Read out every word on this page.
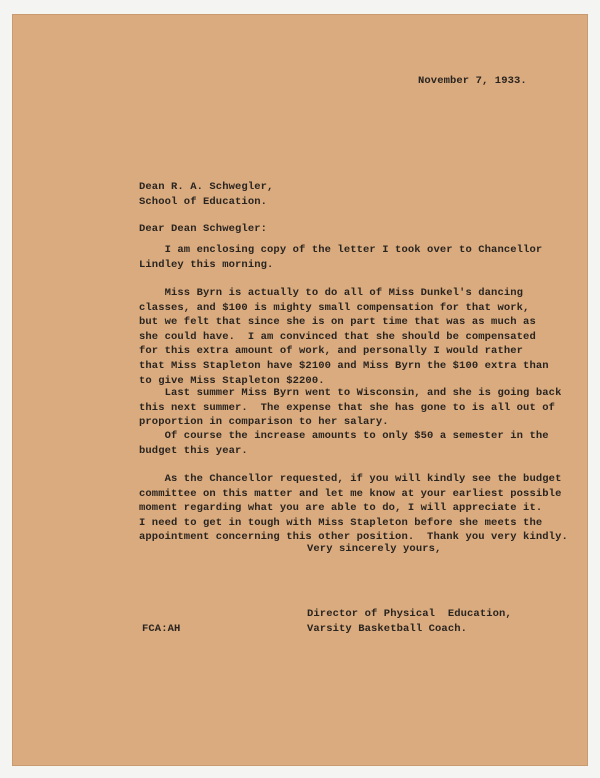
November 7, 1933.

Dean R. A. Schwegler,
School of Education.

Dear Dean Schwegler:

I am enclosing copy of the letter I took over to Chancellor
Lindley this morning.
Miss Byrn is actually to do all of Miss Dunkel's dancing
classes, and $100 is mighty small compensation for that work,
but we felt that since she is on part time that was as much as
she could have.  I am convinced that she should be compensated
for this extra amount of work, and personally I would rather
that Miss Stapleton have $2100 and Miss Byrn the $100 extra than
to give Miss Stapleton $2200.
Last summer Miss Byrn went to Wisconsin, and she is going back
this next summer.  The expense that she has gone to is all out of
proportion in comparison to her salary.
Of course the increase amounts to only $50 a semester in the
budget this year.
As the Chancellor requested, if you will kindly see the budget
committee on this matter and let me know at your earliest possible
moment regarding what you are able to do, I will appreciate it.
I need to get in tough with Miss Stapleton before she meets the
appointment concerning this other position.  Thank you very kindly.

Very sincerely yours,

Director of Physical  Education,
Varsity Basketball Coach.

FCA:AH
